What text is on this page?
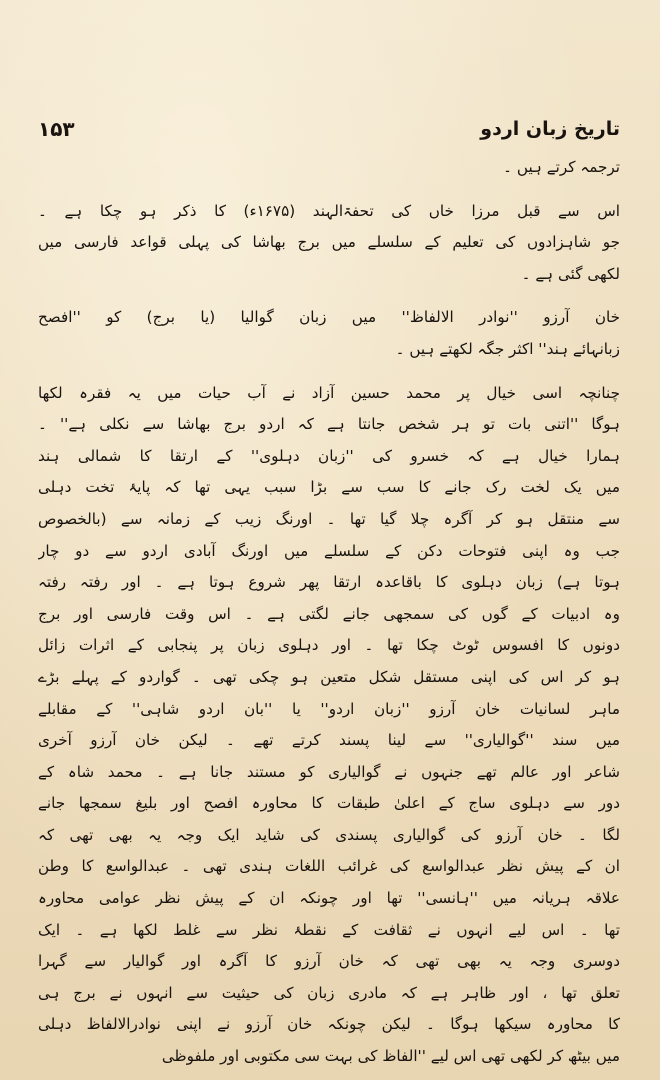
تاریخ زبان اردو
۱۵۳
ترجمہ کرتے ہیں ۔
اس سے قبل مرزا خاں کی تحفۃالہند (۱۶۷۵ء) کا ذکر ہو چکا ہے ۔
جو شاہزادوں کی تعلیم کے سلسلے میں برج بھاشا کی پہلی قواعد فارسی میں
لکھی گئی ہے ۔
خان آرزو ''نوادر الالفاظ'' میں زبان گوالیا (یا برج) کو ''افصح
زبانہائے ہند'' اکثر جگہ لکھتے ہیں ۔
چنانچہ اسی خیال پر محمد حسین آزاد نے آب حیات میں یہ فقرہ لکھا
ہوگا ''اتنی بات تو ہر شخص جانتا ہے کہ اردو برج بھاشا سے نکلی ہے'' ۔
ہمارا خیال ہے کہ خسرو کی ''زبان دہلوی'' کے ارتقا کا شمالی ہند
میں یک لخت رک جانے کا سب سے بڑا سبب یہی تھا کہ پایۂ تخت دہلی
سے منتقل ہو کر آگرہ چلا گیا تھا ۔ اورنگ زیب کے زمانہ سے (بالخصوص
جب وہ اپنی فتوحات دکن کے سلسلے میں اورنگ آبادی اردو سے دو چار
ہوتا ہے) زبان دہلوی کا باقاعدہ ارتقا پھر شروع ہوتا ہے ۔ اور رفتہ رفتہ
وہ ادبیات کے گوں کی سمجھی جانے لگتی ہے ۔ اس وقت فارسی اور برج
دونوں کا افسوس ٹوٹ چکا تھا ۔ اور دہلوی زبان پر پنجابی کے اثرات زائل
ہو کر اس کی اپنی مستقل شکل متعین ہو چکی تھی ۔ گواردو کے پہلے بڑے
ماہر لسانیات خان آرزو ''زبان اردو'' یا ''بان اردو شاہی'' کے مقابلے
میں سند ''گوالیاری'' سے لینا پسند کرتے تھے ۔ لیکن خان آرزو آخری
شاعر اور عالم تھے جنہوں نے گوالیاری کو مستند جانا ہے ۔ محمد شاہ کے
دور سے دہلوی ساج کے اعلیٰ طبقات کا محاورہ افصح اور بلیغ سمجھا جانے
لگا ۔ خان آرزو کی گوالیاری پسندی کی شاید ایک وجہ یہ بھی تھی کہ
ان کے پیش نظر عبدالواسع کی غرائب اللغات ہندی تھی ۔ عبدالواسع کا وطن
علاقہ ہریانہ میں ''ہانسی'' تھا اور چونکہ ان کے پیش نظر عوامی محاورہ
تھا ۔ اس لیے انہوں نے ثقافت کے نقطۂ نظر سے غلط لکھا ہے ۔ ایک
دوسری وجہ یہ بھی تھی کہ خان آرزو کا آگرہ اور گوالیار سے گہرا
تعلق تھا ، اور ظاہر ہے کہ مادری زبان کی حیثیت سے انہوں نے برج ہی
کا محاورہ سیکھا ہوگا ۔ لیکن چونکہ خان آرزو نے اپنی نوادرالالفاظ دہلی
میں بیٹھ کر لکھی تھی اس لیے ''الفاظ کی بہت سی مکتوبی اور ملفوظی
